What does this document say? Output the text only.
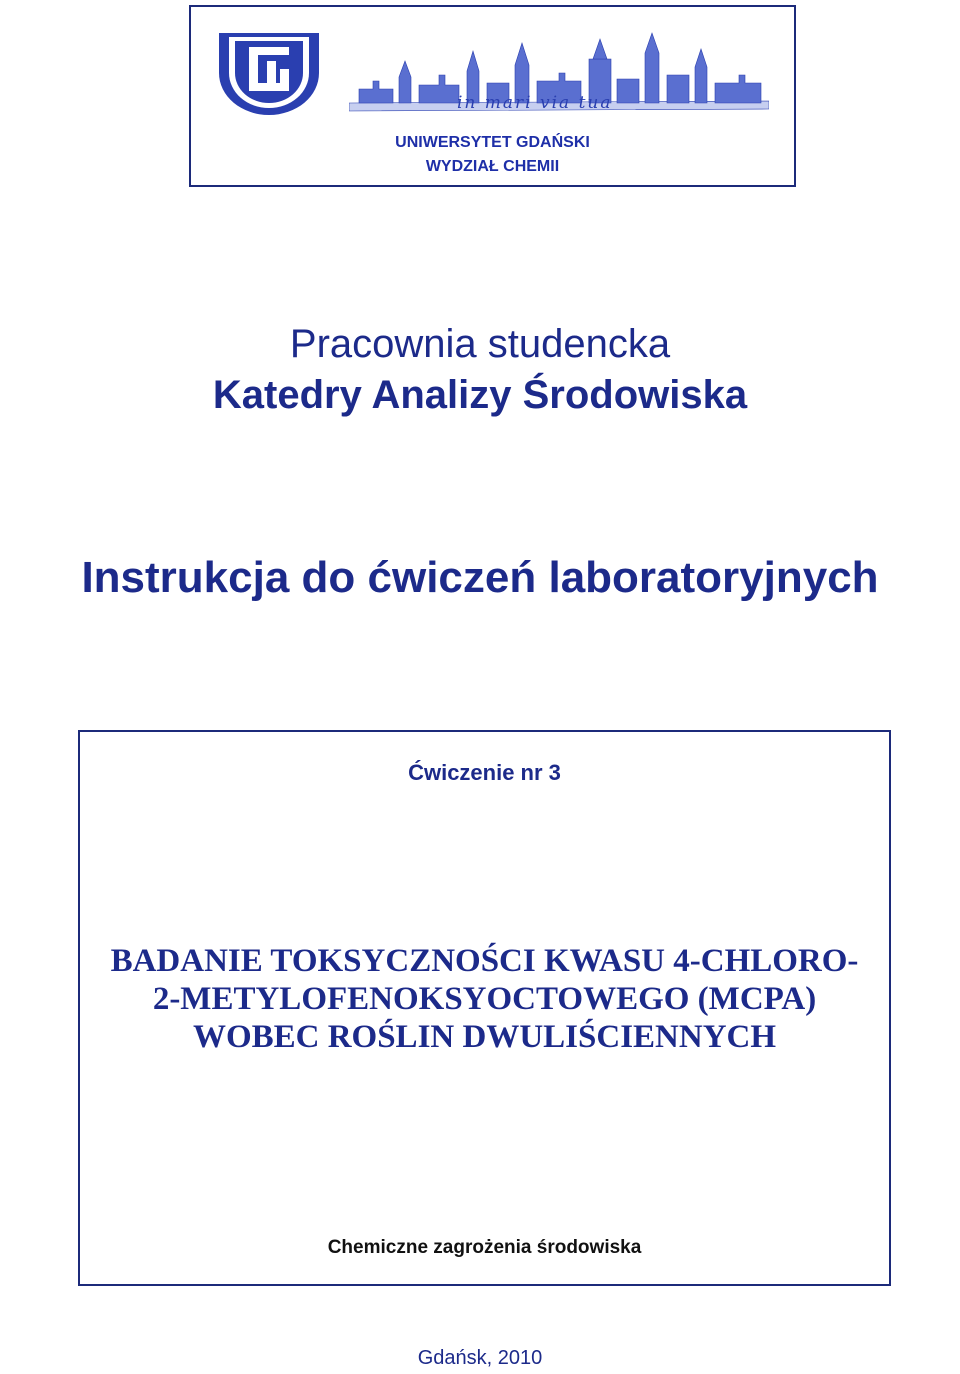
in mari via tua
UNIWERSYTET GDAŃSKI
WYDZIAŁ CHEMII
Pracownia studencka
Katedry Analizy Środowiska
Instrukcja do ćwiczeń laboratoryjnych
Ćwiczenie nr 3
BADANIE TOKSYCZNOŚCI KWASU 4-CHLORO-
2-METYLOFENOKSYOCTOWEGO (MCPA)
WOBEC ROŚLIN DWULIŚCIENNYCH
Chemiczne zagrożenia środowiska
Gdańsk, 2010
